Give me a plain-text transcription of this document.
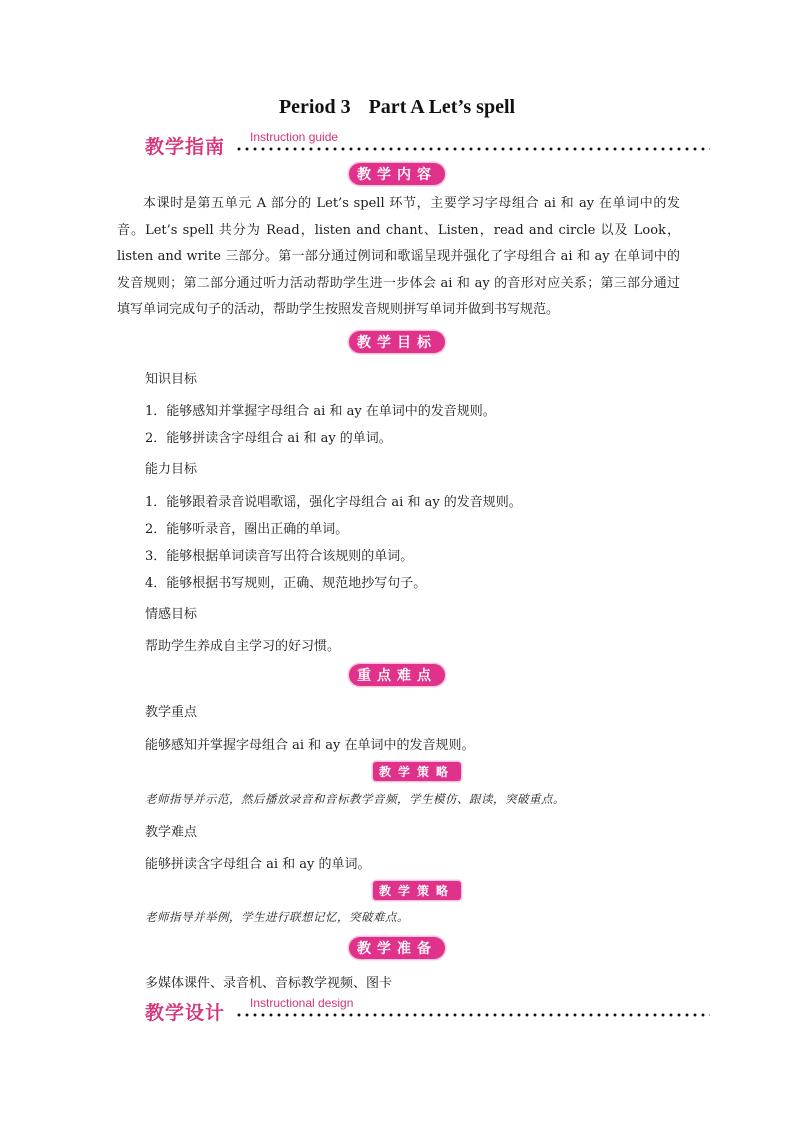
Period 3 Part A Let’s spell
教学指南 Instruction guide
教学内容
本课时是第五单元 A 部分的 Let’s spell 环节，主要学习字母组合 ai 和 ay 在单词中的发音。Let’s spell 共分为 Read，listen and chant、Listen，read and circle 以及 Look，listen and write 三部分。第一部分通过例词和歌谣呈现并强化了字母组合 ai 和 ay 在单词中的发音规则；第二部分通过听力活动帮助学生进一步体会 ai 和 ay 的音形对应关系；第三部分通过填写单词完成句子的活动，帮助学生按照发音规则拼写单词并做到书写规范。
教学目标
知识目标
1．能够感知并掌握字母组合 ai 和 ay 在单词中的发音规则。
2．能够拼读含字母组合 ai 和 ay 的单词。
能力目标
1．能够跟着录音说唱歌谣，强化字母组合 ai 和 ay 的发音规则。
2．能够听录音，圈出正确的单词。
3．能够根据单词读音写出符合该规则的单词。
4．能够根据书写规则，正确、规范地抄写句子。
情感目标
帮助学生养成自主学习的好习惯。
重点难点
教学重点
能够感知并掌握字母组合 ai 和 ay 在单词中的发音规则。
教学策略
老师指导并示范，然后播放录音和音标教学音频，学生模仿、跟读，突破重点。
教学难点
能够拼读含字母组合 ai 和 ay 的单词。
教学策略
老师指导并举例，学生进行联想记忆，突破难点。
教学准备
多媒体课件、录音机、音标教学视频、图卡
教学设计 Instructional design
